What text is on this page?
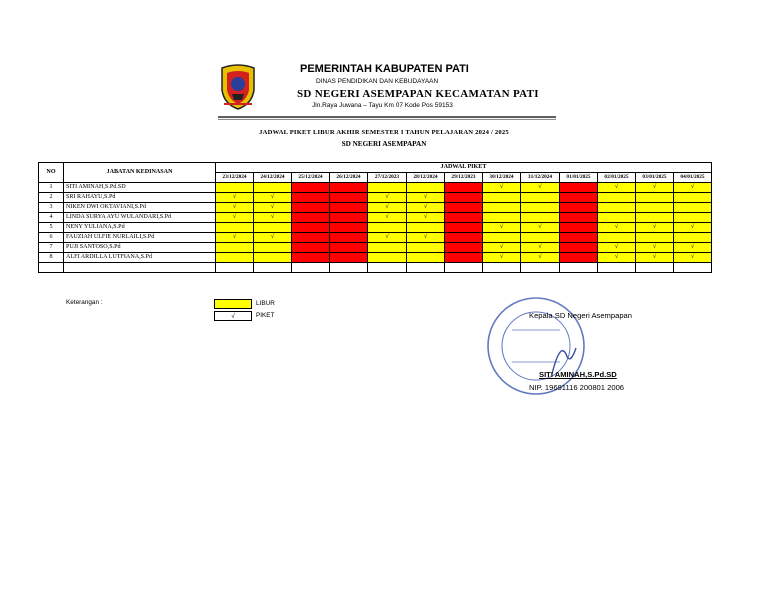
PEMERINTAH KABUPATEN PATI
DINAS PENDIDIKAN DAN KEBUDAYAAN
SD NEGERI ASEMPAPAN KECAMATAN PATI
Jln.Raya Juwana – Tayu Km 07 Kode Pos 59153
JADWAL PIKET LIBUR AKHIR SEMESTER I TAHUN PELAJARAN 2024 / 2025
SD NEGERI ASEMPAPAN
NO	JABATAN KEDINASAN	JADWAL PIKET												
		23/12/2024	24/12/2024	25/12/2024	26/12/2024	27/12/2023	28/12/2024	29/12/2023	30/12/2024	31/12/2024	01/01/2025	02/01/2025	03/01/2025	04/01/2025
1	SITI AMINAH,S.Pd.SD								√	√		√	√	√
2	SRI RAHAYU,S.Pd	√	√			√	√							
3	NIKEN DWI OKTAVIANI,S.Pd	√	√			√	√							
4	LINDA SURYA AYU WULANDARI,S.Pd	√	√			√	√							
5	NENY YULIANA,S.Pd								√	√		√	√	√
6	FAUZIAH ULFIE NURLAILI,S.Pd	√	√			√	√							
7	PUJI SANTOSO,S.Pd								√	√		√	√	√
8	ALFI ARDILLA LUTFIANA,S.Pd								√	√		√	√	√

Keterangan :	LIBUR
√	PIKET	Kepala SD Negeri Asempapan
SITI AMINAH,S.Pd.SD
NIP. 19691116 200801 2006
